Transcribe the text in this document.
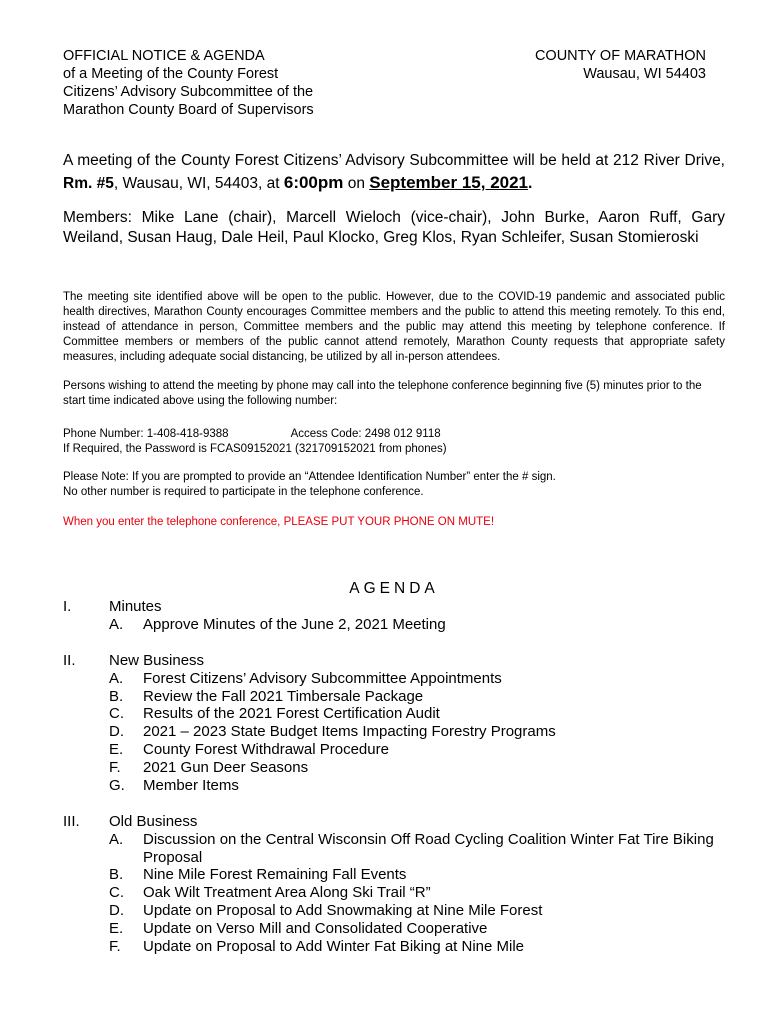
OFFICIAL NOTICE & AGENDA
of a Meeting of the County Forest
Citizens’ Advisory Subcommittee of the
Marathon County Board of Supervisors
COUNTY OF MARATHON
Wausau, WI 54403
A meeting of the County Forest Citizens’ Advisory Subcommittee will be held at 212 River Drive, Rm. #5, Wausau, WI, 54403, at 6:00pm on September 15, 2021.
Members: Mike Lane (chair), Marcell Wieloch (vice-chair), John Burke, Aaron Ruff, Gary Weiland, Susan Haug, Dale Heil, Paul Klocko, Greg Klos, Ryan Schleifer, Susan Stomieroski
The meeting site identified above will be open to the public. However, due to the COVID-19 pandemic and associated public health directives, Marathon County encourages Committee members and the public to attend this meeting remotely. To this end, instead of attendance in person, Committee members and the public may attend this meeting by telephone conference. If Committee members or members of the public cannot attend remotely, Marathon County requests that appropriate safety measures, including adequate social distancing, be utilized by all in-person attendees.
Persons wishing to attend the meeting by phone may call into the telephone conference beginning five (5) minutes prior to the start time indicated above using the following number:
Phone Number: 1-408-418-9388	Access Code: 2498 012 9118
If Required, the Password is FCAS09152021 (321709152021 from phones)
Please Note: If you are prompted to provide an “Attendee Identification Number” enter the # sign.
No other number is required to participate in the telephone conference.
When you enter the telephone conference, PLEASE PUT YOUR PHONE ON MUTE!
AGENDA
I.	Minutes
A. Approve Minutes of the June 2, 2021 Meeting
II. New Business
A. Forest Citizens’ Advisory Subcommittee Appointments
B. Review the Fall 2021 Timbersale Package
C. Results of the 2021 Forest Certification Audit
D. 2021 – 2023 State Budget Items Impacting Forestry Programs
E. County Forest Withdrawal Procedure
F. 2021 Gun Deer Seasons
G. Member Items
III. Old Business
A. Discussion on the Central Wisconsin Off Road Cycling Coalition Winter Fat Tire Biking Proposal
B. Nine Mile Forest Remaining Fall Events
C. Oak Wilt Treatment Area Along Ski Trail “R”
D. Update on Proposal to Add Snowmaking at Nine Mile Forest
E. Update on Verso Mill and Consolidated Cooperative
F. Update on Proposal to Add Winter Fat Biking at Nine Mile
